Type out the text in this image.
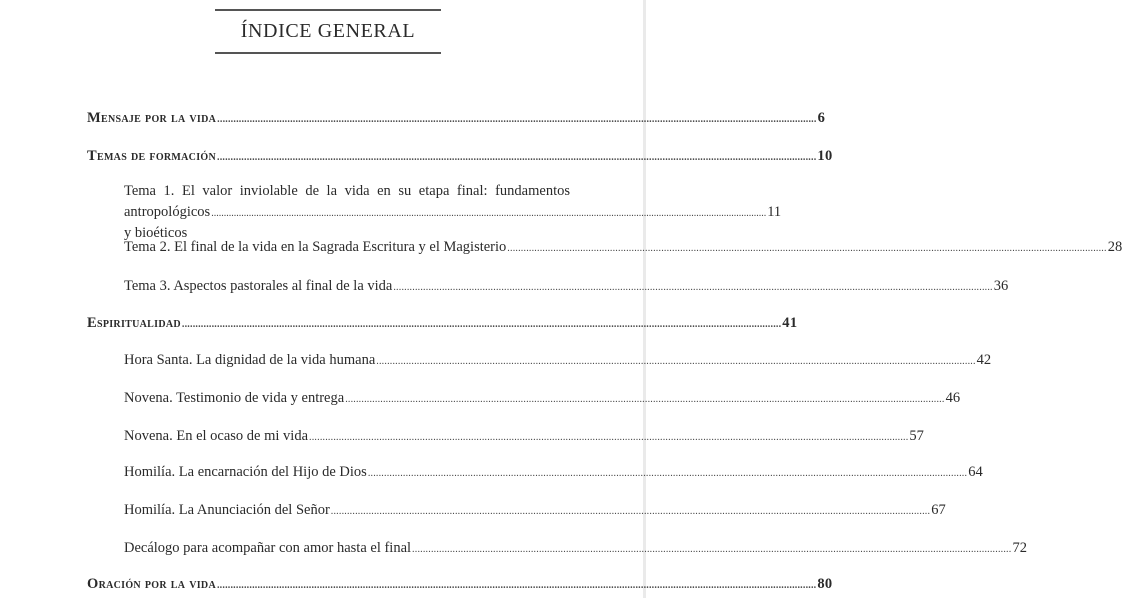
ÍNDICE GENERAL
Mensaje por la vida .............................................................................................................................................................................................................................. 6
Temas de formación .............................................................................................................................................................................................................................. 10
Tema 1. El valor inviolable de la vida en su etapa final: fundamentos
antropológicos y bioéticos
.............................................................................................................................................................................................................................. 11
Tema 2. El final de la vida en la Sagrada Escritura y el Magisterio .............................................................................................................................................................................................................................. 28
Tema 3. Aspectos pastorales al final de la vida .............................................................................................................................................................................................................................. 36
Espiritualidad .............................................................................................................................................................................................................................. 41
Hora Santa. La dignidad de la vida humana .............................................................................................................................................................................................................................. 42
Novena. Testimonio de vida y entrega .............................................................................................................................................................................................................................. 46
Novena. En el ocaso de mi vida .............................................................................................................................................................................................................................. 57
Homilía. La encarnación del Hijo de Dios .............................................................................................................................................................................................................................. 64
Homilía. La Anunciación del Señor .............................................................................................................................................................................................................................. 67
Decálogo para acompañar con amor hasta el final .............................................................................................................................................................................................................................. 72
Oración por la vida .............................................................................................................................................................................................................................. 80
